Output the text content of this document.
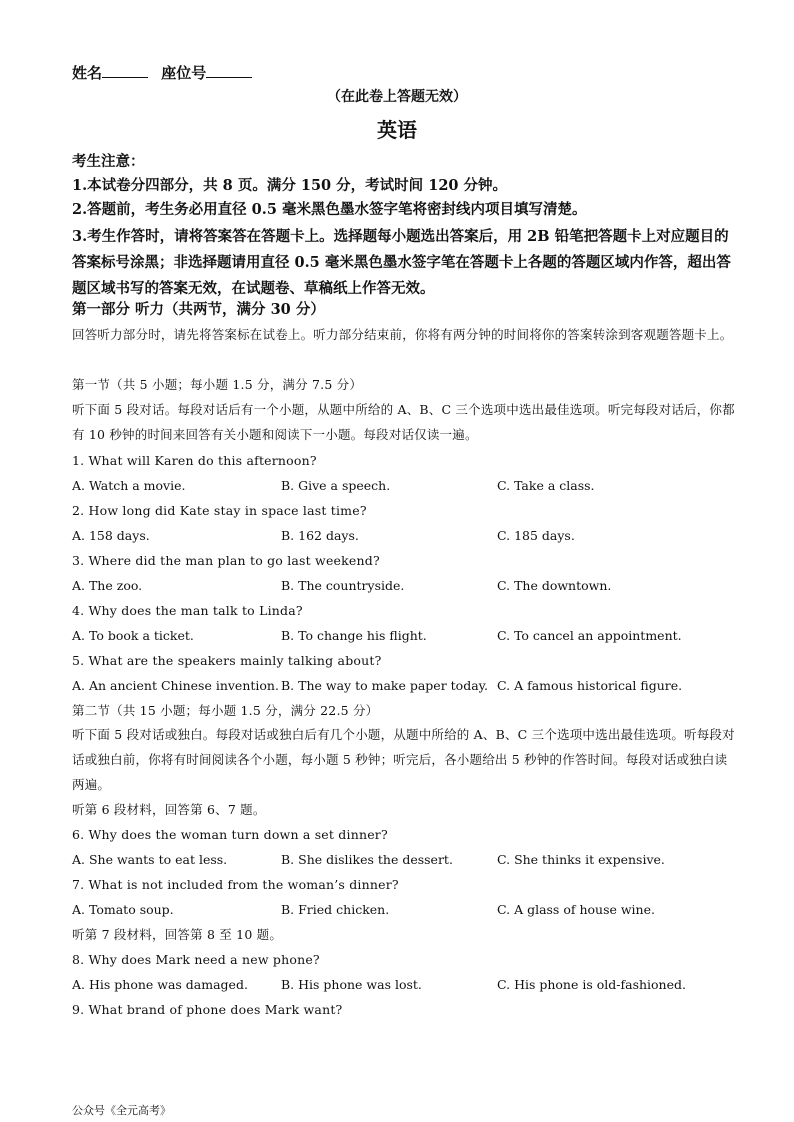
姓名	座位号
（在此卷上答题无效）
英语
考生注意：
1.本试卷分四部分，共 8 页。满分 150 分，考试时间 120 分钟。
2.答题前，考生务必用直径 0.5 毫米黑色墨水签字笔将密封线内项目填写清楚。
3.考生作答时，请将答案答在答题卡上。选择题每小题选出答案后，用 2B 铅笔把答题卡上对应题目的答案标号涂黑；非选择题请用直径 0.5 毫米黑色墨水签字笔在答题卡上各题的答题区域内作答，超出答题区域书写的答案无效，在试题卷、草稿纸上作答无效。
第一部分 听力（共两节，满分 30 分）
回答听力部分时，请先将答案标在试卷上。听力部分结束前，你将有两分钟的时间将你的答案转涂到客观题答题卡上。
第一节（共 5 小题；每小题 1.5 分，满分 7.5 分）
听下面 5 段对话。每段对话后有一个小题，从题中所给的 A、B、C 三个选项中选出最佳选项。听完每段对话后，你都有 10 秒钟的时间来回答有关小题和阅读下一小题。每段对话仅读一遍。
1. What will Karen do this afternoon?
A. Watch a movie.	B. Give a speech.	C. Take a class.
2. How long did Kate stay in space last time?
A. 158 days.	B. 162 days.	C. 185 days.
3. Where did the man plan to go last weekend?
A. The zoo.	B. The countryside.	C. The downtown.
4. Why does the man talk to Linda?
A. To book a ticket.	B. To change his flight.	C. To cancel an appointment.
5. What are the speakers mainly talking about?
A. An ancient Chinese invention. B. The way to make paper today. C. A famous historical figure.
第二节（共 15 小题；每小题 1.5 分，满分 22.5 分）
听下面 5 段对话或独白。每段对话或独白后有几个小题，从题中所给的 A、B、C 三个选项中选出最佳选项。听每段对话或独白前，你将有时间阅读各个小题，每小题 5 秒钟；听完后，各小题给出 5 秒钟的作答时间。每段对话或独白读两遍。
听第 6 段材料，回答第 6、7 题。
6. Why does the woman turn down a set dinner?
A. She wants to eat less.	B. She dislikes the dessert.	C. She thinks it expensive.
7. What is not included from the woman’s dinner?
A. Tomato soup.	B. Fried chicken.	C. A glass of house wine.
听第 7 段材料，回答第 8 至 10 题。
8. Why does Mark need a new phone?
A. His phone was damaged.	B. His phone was lost.	C. His phone is old-fashioned.
9. What brand of phone does Mark want?
公众号《全元高考》
